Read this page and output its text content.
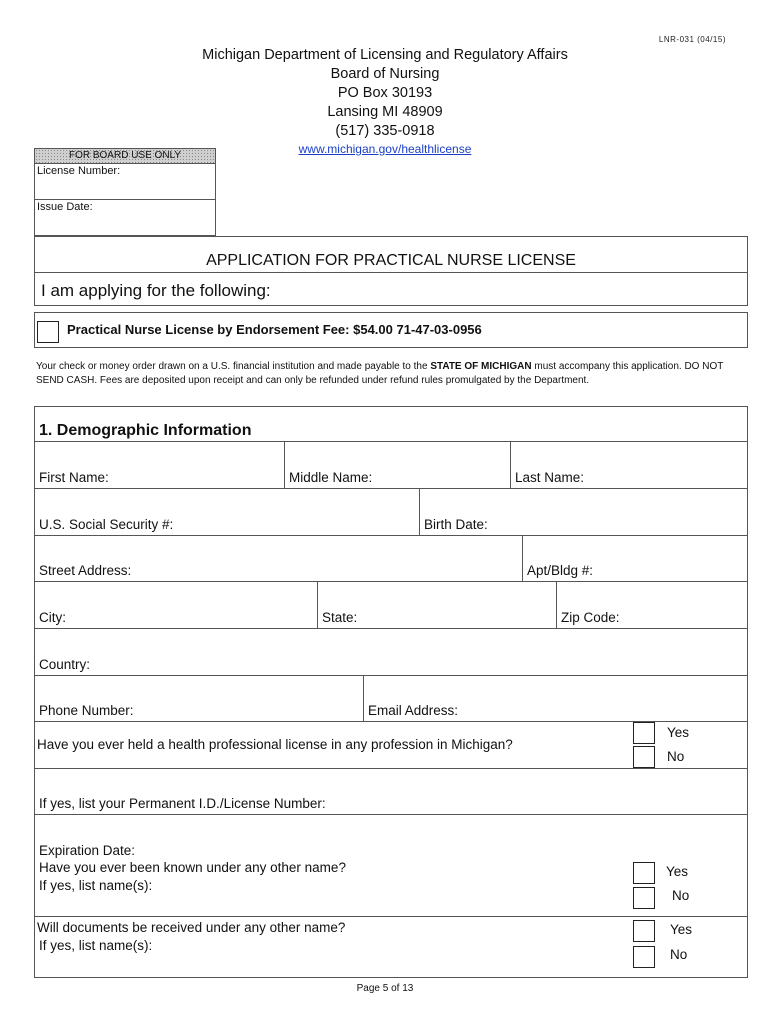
LNR-031 (04/15)
Michigan Department of Licensing and Regulatory Affairs
Board of Nursing
PO Box 30193
Lansing MI 48909
(517) 335-0918
www.michigan.gov/healthlicense
FOR BOARD USE ONLY
License Number:
Issue Date:
APPLICATION FOR PRACTICAL NURSE LICENSE
I am applying for the following:
Practical Nurse License by Endorsement Fee: $54.00 71-47-03-0956
Your check or money order drawn on a U.S. financial institution and made payable to the STATE OF MICHIGAN must accompany this application. DO NOT SEND CASH. Fees are deposited upon receipt and can only be refunded under refund rules promulgated by the Department.
1. Demographic Information
First Name:	Middle Name:	Last Name:
U.S. Social Security #:	Birth Date:
Street Address:	Apt/Bldg #:
City:	State:	Zip Code:
Country:
Phone Number:	Email Address:
Have you ever held a health professional license in any profession in Michigan?
Yes
No
If yes, list your Permanent I.D./License Number:
Expiration Date:
Have you ever been known under any other name?
If yes, list name(s):
Yes
No
Will documents be received under any other name?
If yes, list name(s):
Yes
No
Page 5 of 13
